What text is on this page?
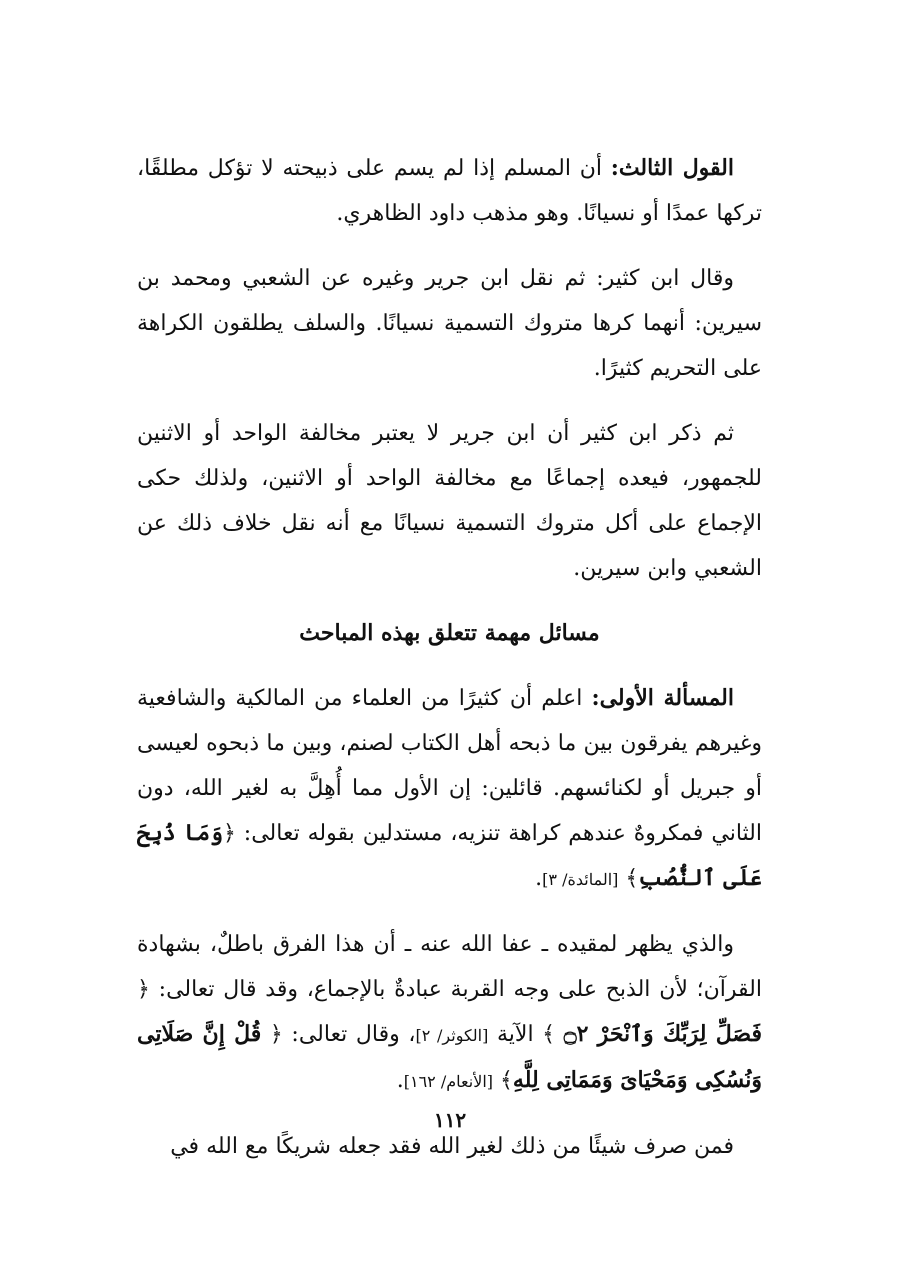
القول الثالث: أن المسلم إذا لم يسم على ذبيحته لا تؤكل مطلقًا، تركها عمدًا أو نسيانًا. وهو مذهب داود الظاهري.

وقال ابن كثير: ثم نقل ابن جرير وغيره عن الشعبي ومحمد بن سيرين: أنهما كرها متروك التسمية نسيانًا. والسلف يطلقون الكراهة على التحريم كثيرًا.

ثم ذكر ابن كثير أن ابن جرير لا يعتبر مخالفة الواحد أو الاثنين للجمهور، فيعده إجماعًا مع مخالفة الواحد أو الاثنين، ولذلك حكى الإجماع على أكل متروك التسمية نسيانًا مع أنه نقل خلاف ذلك عن الشعبي وابن سيرين.

مسائل مهمة تتعلق بهذه المباحث

المسألة الأولى: اعلم أن كثيرًا من العلماء من المالكية والشافعية وغيرهم يفرقون بين ما ذبحه أهل الكتاب لصنم، وبين ما ذبحوه لعيسى أو جبريل أو لكنائسهم. قائلين: إن الأول مما أُهِلَّ به لغير الله، دون الثاني فمكروهٌ عندهم كراهة تنزيه، مستدلين بقوله تعالى: ﴿وَمَا ذُبِحَ عَلَى ٱلنُّصُبِ﴾ [المائدة/ ٣].

والذي يظهر لمقيده ـ عفا الله عنه ـ أن هذا الفرق باطلٌ، بشهادة القرآن؛ لأن الذبح على وجه القربة عبادةٌ بالإجماع، وقد قال تعالى: ﴿ فَصَلِّ لِرَبِّكَ وَٱنْحَرْ ۝٢ ﴾ الآية [الكوثر/ ٢]، وقال تعالى: ﴿ قُلْ إِنَّ صَلَاتِى وَنُسُكِى وَمَحْيَاىَ وَمَمَاتِى لِلَّهِ﴾ [الأنعام/ ١٦٢].

فمن صرف شيئًا من ذلك لغير الله فقد جعله شريكًا مع الله في

١١٢
